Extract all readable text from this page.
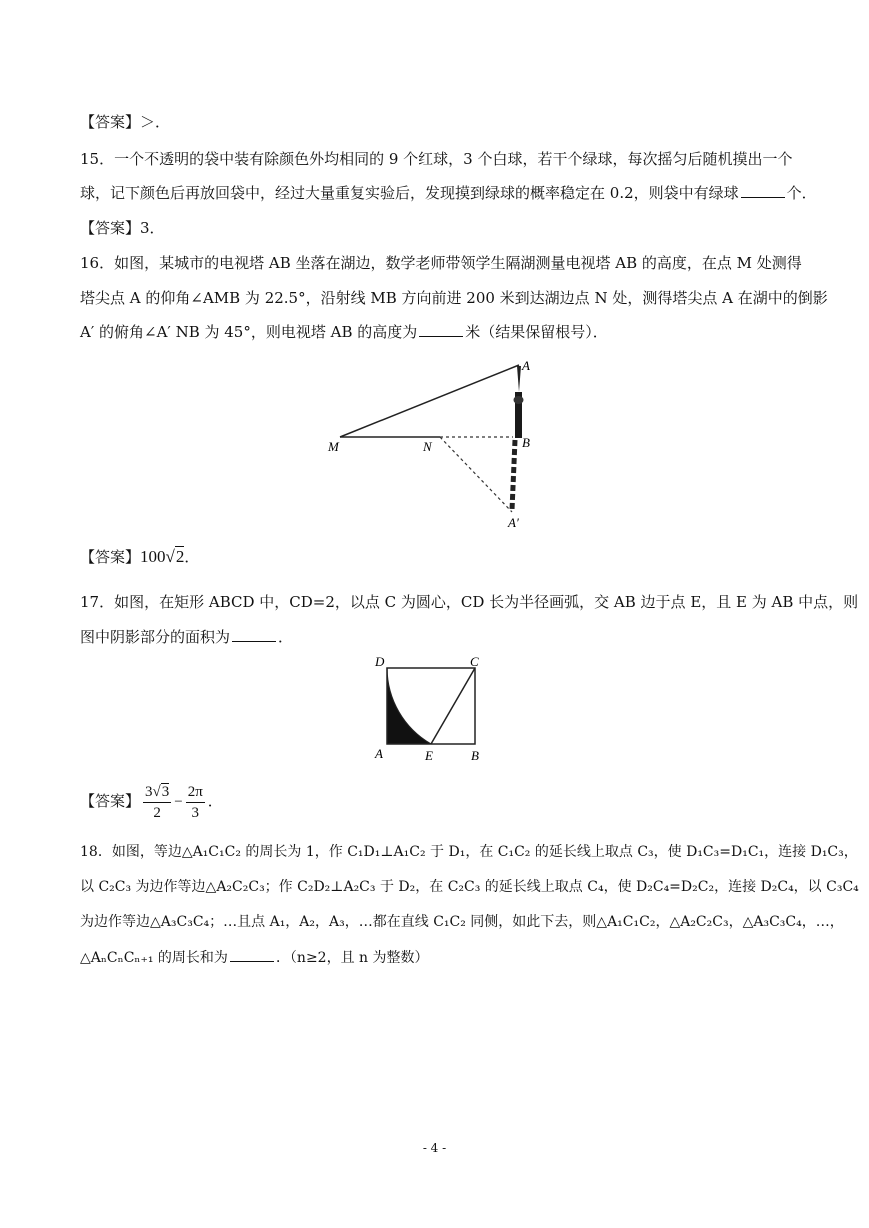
【答案】＞．
15．一个不透明的袋中装有除颜色外均相同的 9 个红球，3 个白球，若干个绿球，每次摇匀后随机摸出一个
球，记下颜色后再放回袋中，经过大量重复实验后，发现摸到绿球的概率稳定在 0.2，则袋中有绿球	个．
【答案】3．
16．如图，某城市的电视塔 AB 坐落在湖边，数学老师带领学生隔湖测量电视塔 AB 的高度，在点 M 处测得
塔尖点 A 的仰角∠AMB 为 22.5°，沿射线 MB 方向前进 200 米到达湖边点 N 处，测得塔尖点 A 在湖中的倒影
A′ 的俯角∠A′ NB 为 45°，则电视塔 AB 的高度为	米（结果保留根号）．
A
M	N	B
A′
【答案】100√2．
17．如图，在矩形 ABCD 中，CD=2，以点 C 为圆心，CD 长为半径画弧，交 AB 边于点 E，且 E 为 AB 中点，则
图中阴影部分的面积为	．
D	C
A	E	B
【答案】 $\frac{3√3}{2} - \frac{2\pi}{3}$ ．
18．如图，等边△A₁C₁C₂ 的周长为 1，作 C₁D₁⊥A₁C₂ 于 D₁，在 C₁C₂ 的延长线上取点 C₃，使 D₁C₃=D₁C₁，连接 D₁C₃，
以 C₂C₃ 为边作等边△A₂C₂C₃；作 C₂D₂⊥A₂C₃ 于 D₂，在 C₂C₃ 的延长线上取点 C₄，使 D₂C₄=D₂C₂，连接 D₂C₄，以 C₃C₄
为边作等边△A₃C₃C₄；…且点 A₁，A₂，A₃，…都在直线 C₁C₂ 同侧，如此下去，则△A₁C₁C₂，△A₂C₂C₃，△A₃C₃C₄，…，
△AₙCₙCₙ₊₁ 的周长和为	．（n≥2，且 n 为整数）
- 4 -
